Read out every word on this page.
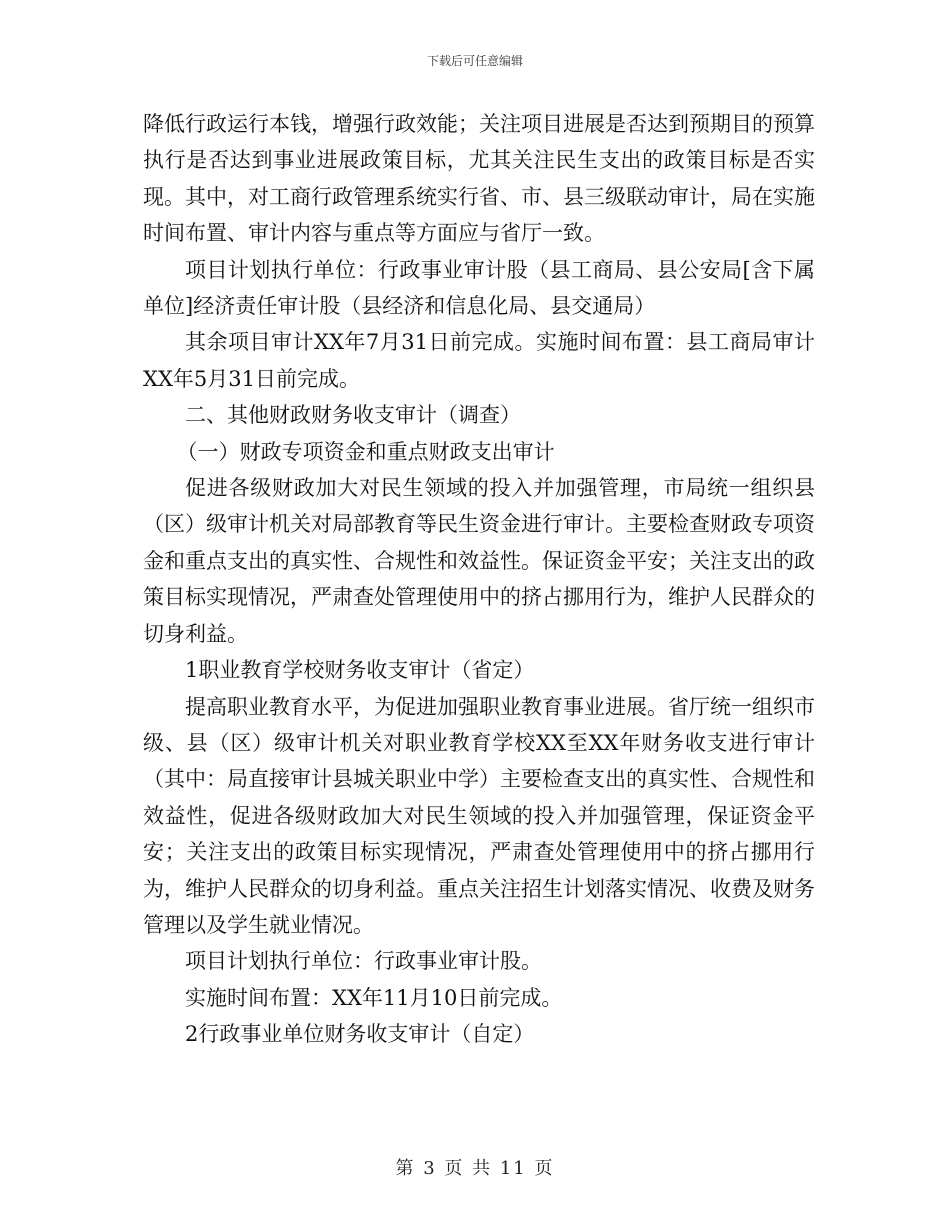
下载后可任意编辑

降低行政运行本钱，增强行政效能；关注项目进展是否达到预期目的预算执行是否达到事业进展政策目标，尤其关注民生支出的政策目标是否实现。其中，对工商行政管理系统实行省、市、县三级联动审计，局在实施时间布置、审计内容与重点等方面应与省厅一致。

项目计划执行单位：行政事业审计股（县工商局、县公安局[含下属单位]经济责任审计股（县经济和信息化局、县交通局）

其余项目审计XX年7月31日前完成。实施时间布置：县工商局审计XX年5月31日前完成。

二、其他财政财务收支审计（调查）

（一）财政专项资金和重点财政支出审计

促进各级财政加大对民生领域的投入并加强管理，市局统一组织县（区）级审计机关对局部教育等民生资金进行审计。主要检查财政专项资金和重点支出的真实性、合规性和效益性。保证资金平安；关注支出的政策目标实现情况，严肃查处管理使用中的挤占挪用行为，维护人民群众的切身利益。

1职业教育学校财务收支审计（省定）

提高职业教育水平，为促进加强职业教育事业进展。省厅统一组织市级、县（区）级审计机关对职业教育学校XX至XX年财务收支进行审计（其中：局直接审计县城关职业中学）主要检查支出的真实性、合规性和效益性，促进各级财政加大对民生领域的投入并加强管理，保证资金平安；关注支出的政策目标实现情况，严肃查处管理使用中的挤占挪用行为，维护人民群众的切身利益。重点关注招生计划落实情况、收费及财务管理以及学生就业情况。

项目计划执行单位：行政事业审计股。

实施时间布置：XX年11月10日前完成。

2行政事业单位财务收支审计（自定）

第 3 页 共 11 页
